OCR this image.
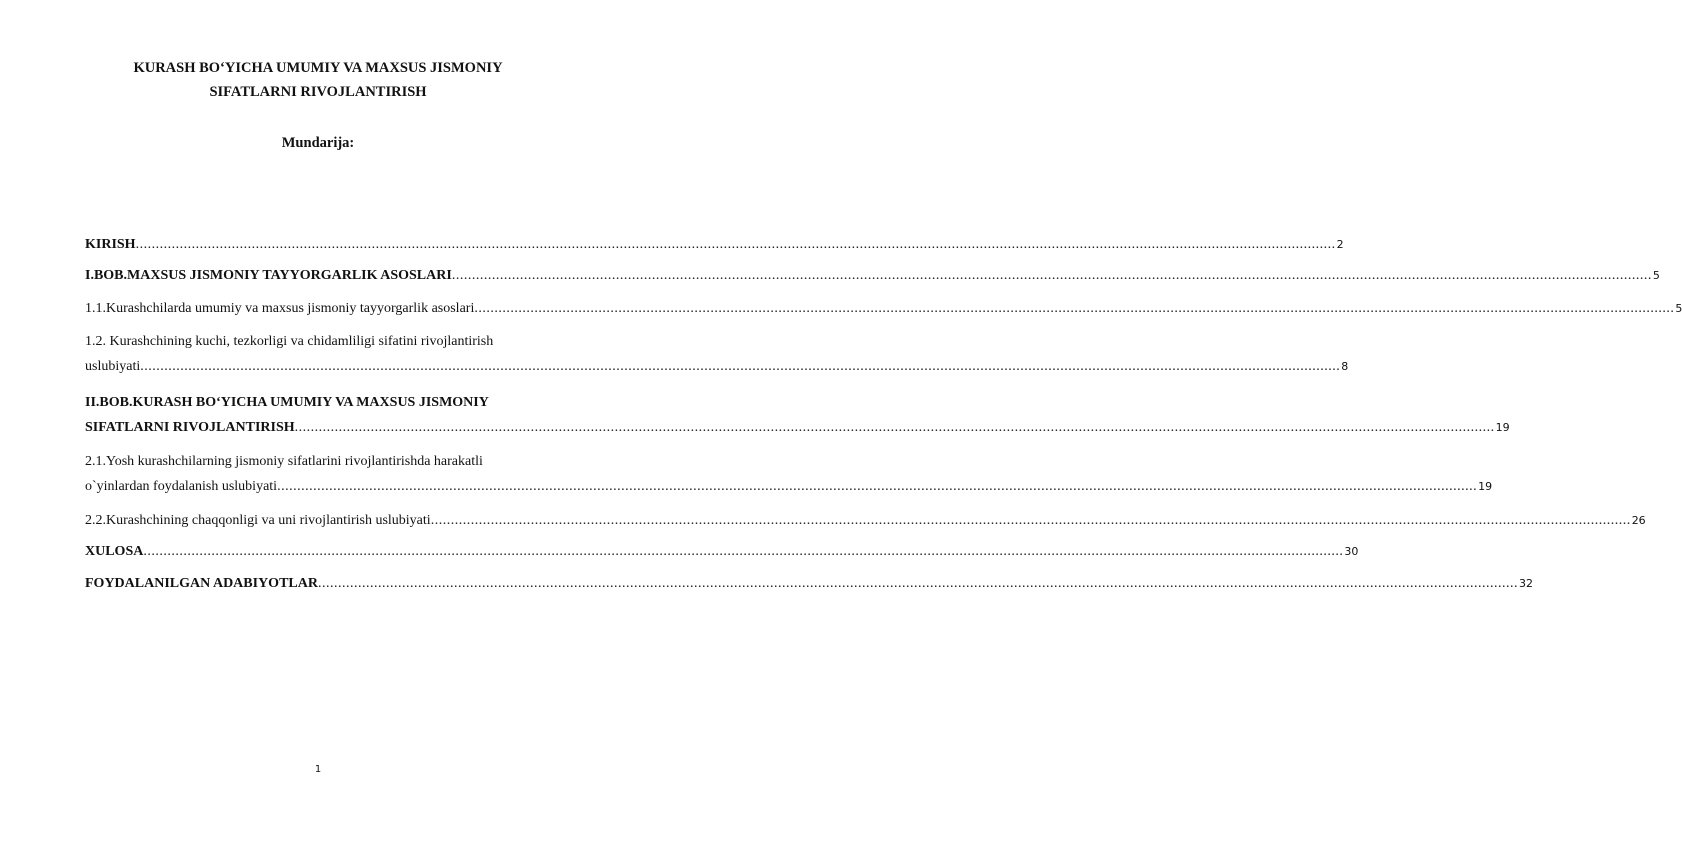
KURASH BO‘YICHA UMUMIY VA MAXSUS JISMONIY
SIFATLARNI RIVOJLANTIRISH
Mundarija:
KIRISH ............................................................................................................................................................................................................................................................................................................ 2
I.BOB.MAXSUS JISMONIY TAYYORGARLIK ASOSLARI ............................................................................................................................................................................................................................................................................................................ 5
1.1.Kurashchilarda umumiy va maxsus jismoniy tayyorgarlik asoslari ............................................................................................................................................................................................................................................................................................................ 5
1.2. Kurashchining kuchi, tezkorligi va chidamliligi sifatini rivojlantirish
uslubiyati ............................................................................................................................................................................................................................................................................................................ 8
II.BOB.KURASH BO‘YICHA UMUMIY VA MAXSUS JISMONIY
SIFATLARNI RIVOJLANTIRISH ............................................................................................................................................................................................................................................................................................................ 19
2.1.Yosh kurashchilarning jismoniy sifatlarini rivojlantirishda harakatli
o`yinlardan foydalanish uslubiyati ............................................................................................................................................................................................................................................................................................................ 19
2.2.Kurashchining chaqqonligi va uni rivojlantirish uslubiyati ............................................................................................................................................................................................................................................................................................................ 26
XULOSA ............................................................................................................................................................................................................................................................................................................ 30
FOYDALANILGAN ADABIYOTLAR ............................................................................................................................................................................................................................................................................................................ 32
1
